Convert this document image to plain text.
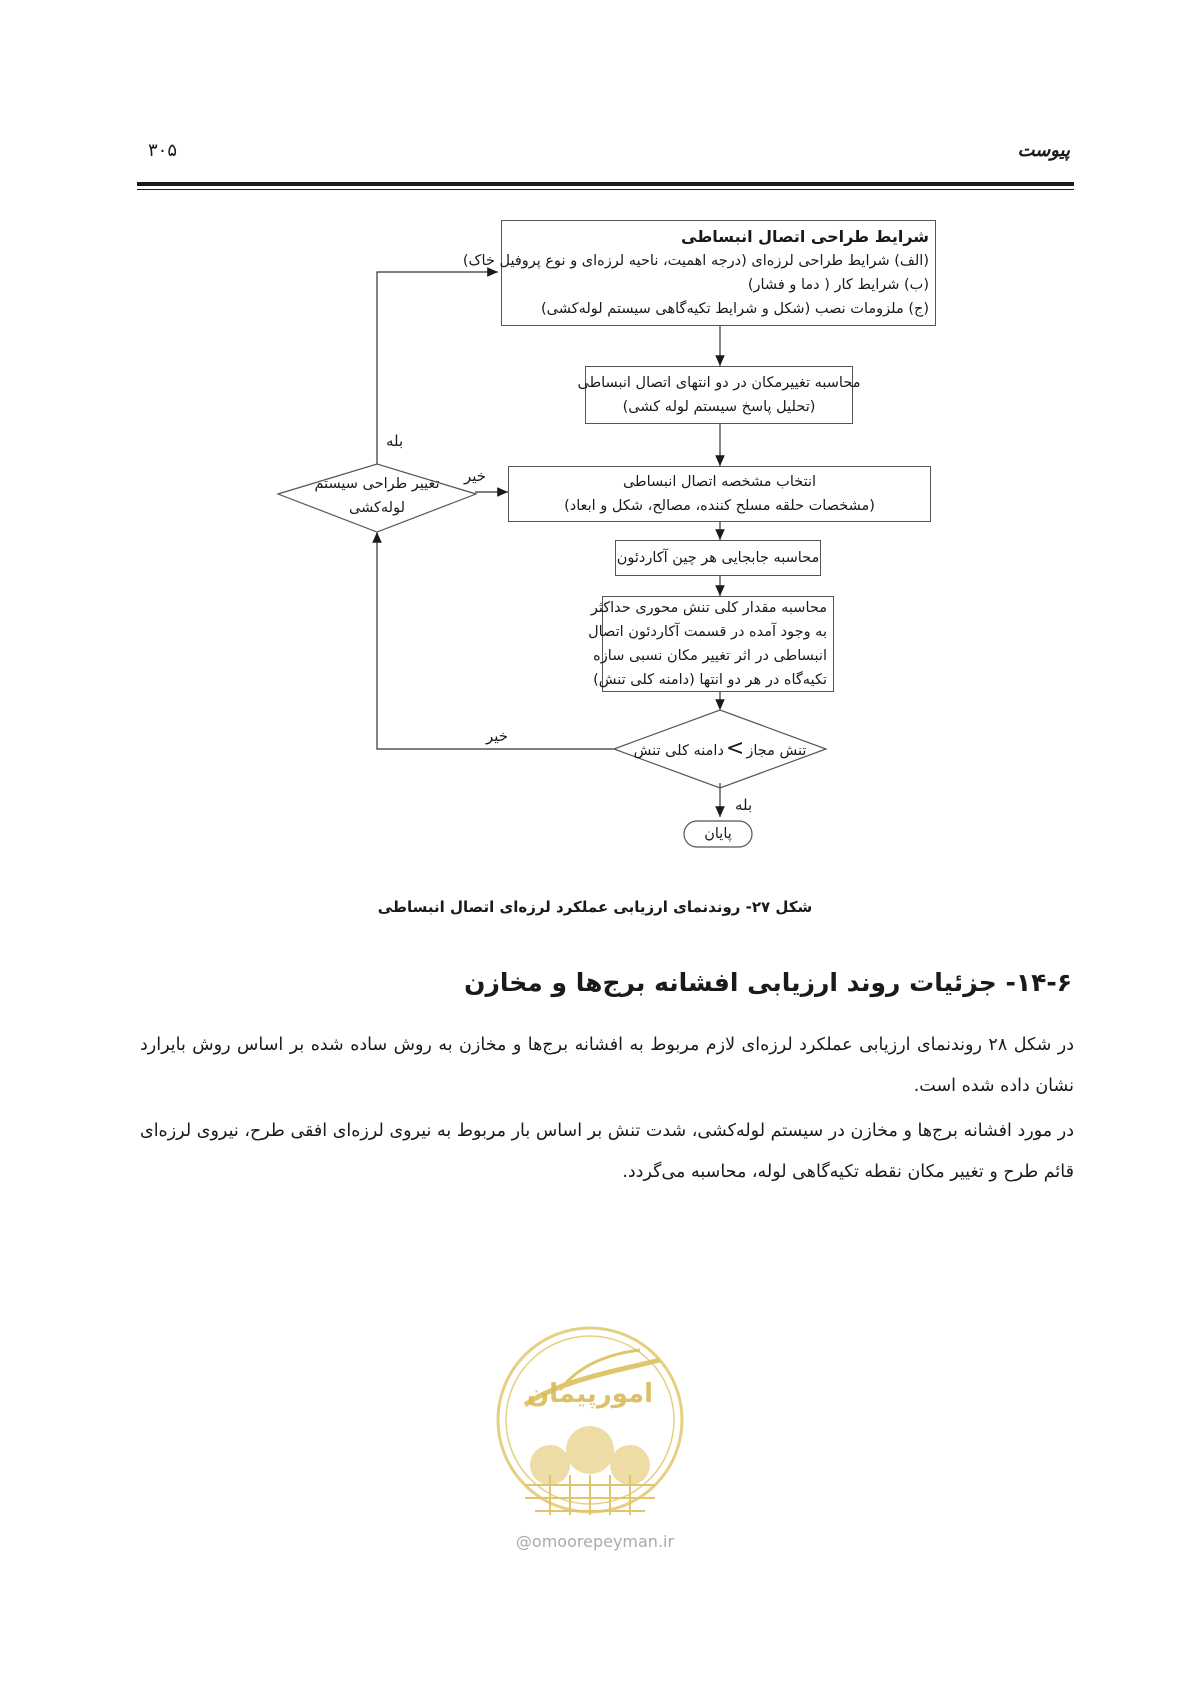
پیوست
۳۰۵
شرایط طراحی اتصال انبساطی
(الف) شرایط طراحی لرزه‌ای (درجه اهمیت، ناحیه لرزه‌ای و نوع پروفیل خاک)
(ب) شرایط کار ( دما و فشار)
(ج) ملزومات نصب (شکل و شرایط تکیه‌گاهی سیستم لوله‌کشی)
محاسبه تغییرمکان در دو انتهای اتصال انبساطی
(تحلیل پاسخ سیستم لوله کشی)
انتخاب مشخصه اتصال انبساطی
(مشخصات حلقه مسلح کننده، مصالح، شکل و ابعاد)
محاسبه جابجایی هر چین آکاردئون
محاسبه مقدار کلی تنش محوری حداکثر
به وجود آمده در قسمت آکاردئون اتصال
انبساطی در اثر تغییر مکان نسبی سازه
تکیه‌گاه در هر دو انتها (دامنه کلی تنش)
تغییر طراحی سیستم
لوله‌کشی
تنش مجاز>دامنه کلی تنش
پایان
بله
خیر
خیر
بله
شکل ۲۷- روندنمای ارزیابی عملکرد لرزه‌ای اتصال انبساطی
۱۴-۶- جزئیات روند ارزیابی افشانه برج‌ها و مخازن
در شکل ۲۸ روندنمای ارزیابی عملکرد لرزه‌ای لازم مربوط به افشانه برج‌ها و مخازن به روش ساده شده بر اساس روش بایرارد
نشان داده شده است.
در مورد افشانه برج‌ها و مخازن در سیستم لوله‌کشی، شدت تنش بر اساس بار مربوط به نیروی لرزه‌ای افقی طرح، نیروی لرزه‌ای
قائم طرح و تغییر مکان نقطه تکیه‌گاهی لوله، محاسبه می‌گردد.
امورپیمان
@omoorepeyman.ir
